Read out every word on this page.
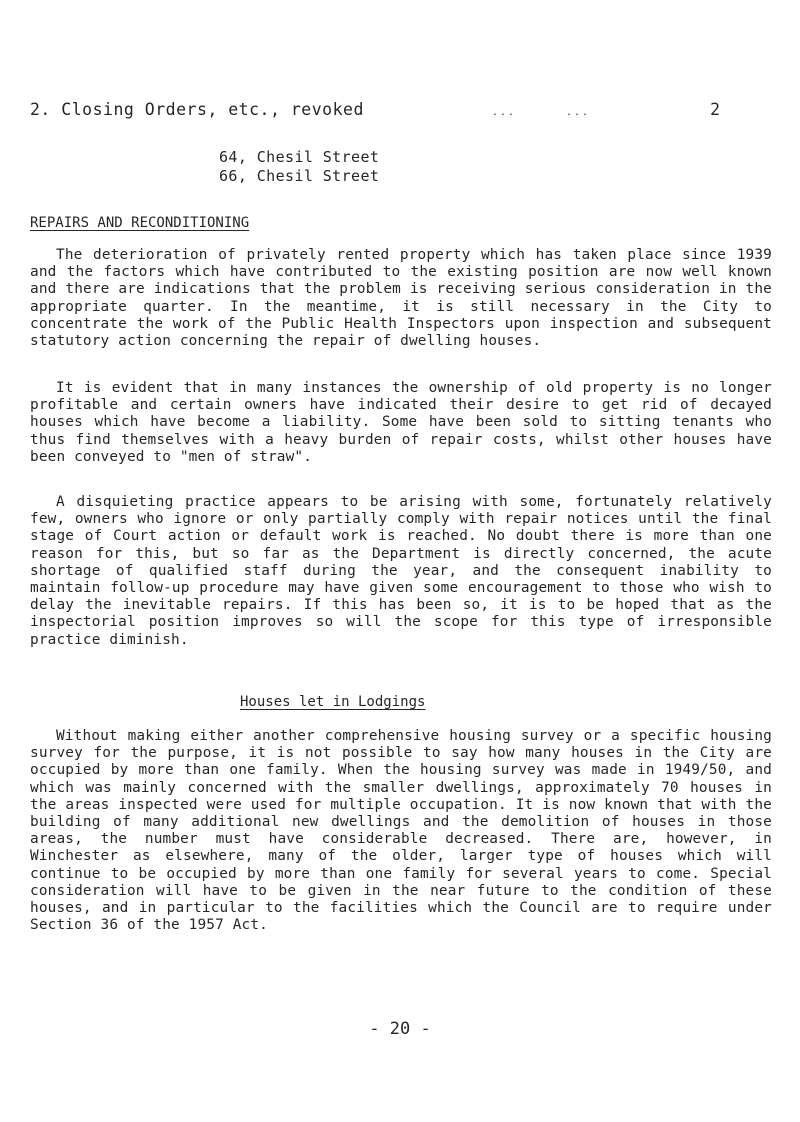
2. Closing Orders, etc., revoked	...	...	2
64, Chesil Street
66, Chesil Street
REPAIRS AND RECONDITIONING

The deterioration of privately rented property which has taken place since 1939 and the factors which have contributed to the existing position are now well known and there are indications that the problem is receiving serious consideration in the appropriate quarter. In the meantime, it is still necessary in the City to concentrate the work of the Public Health Inspectors upon inspection and subsequent statutory action concerning the repair of dwelling houses.

It is evident that in many instances the ownership of old property is no longer profitable and certain owners have indicated their desire to get rid of decayed houses which have become a liability. Some have been sold to sitting tenants who thus find themselves with a heavy burden of repair costs, whilst other houses have been conveyed to "men of straw".

A disquieting practice appears to be arising with some, fortunately relatively few, owners who ignore or only partially comply with repair notices until the final stage of Court action or default work is reached. No doubt there is more than one reason for this, but so far as the Department is directly concerned, the acute shortage of qualified staff during the year, and the consequent inability to maintain follow-up procedure may have given some encouragement to those who wish to delay the inevitable repairs. If this has been so, it is to be hoped that as the inspectorial position improves so will the scope for this type of irresponsible practice diminish.

Houses let in Lodgings

Without making either another comprehensive housing survey or a specific housing survey for the purpose, it is not possible to say how many houses in the City are occupied by more than one family. When the housing survey was made in 1949/50, and which was mainly concerned with the smaller dwellings, approximately 70 houses in the areas inspected were used for multiple occupation. It is now known that with the building of many additional new dwellings and the demolition of houses in those areas, the number must have considerable decreased. There are, however, in Winchester as elsewhere, many of the older, larger type of houses which will continue to be occupied by more than one family for several years to come. Special consideration will have to be given in the near future to the condition of these houses, and in particular to the facilities which the Council are to require under Section 36 of the 1957 Act.

- 20 -
